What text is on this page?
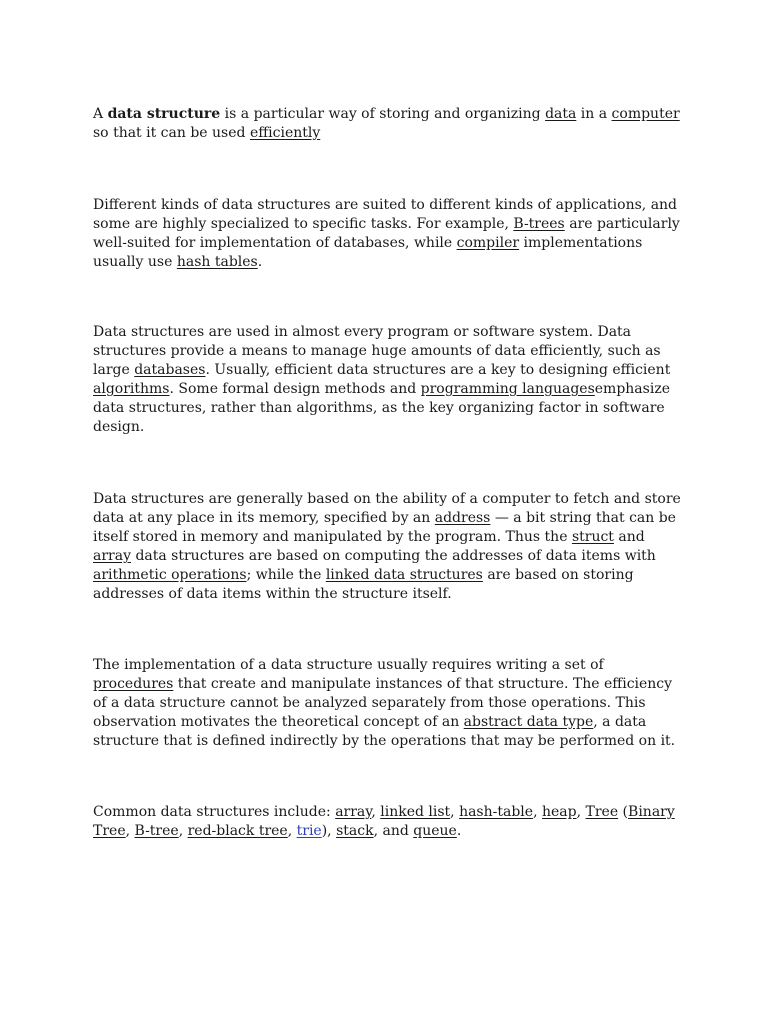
A data structure is a particular way of storing and organizing data in a computer so that it can be used efficiently

Different kinds of data structures are suited to different kinds of applications, and some are highly specialized to specific tasks. For example, B-trees are particularly well-suited for implementation of databases, while compiler implementations usually use hash tables.

Data structures are used in almost every program or software system. Data structures provide a means to manage huge amounts of data efficiently, such as large databases. Usually, efficient data structures are a key to designing efficient algorithms. Some formal design methods and programming languagesemphasize data structures, rather than algorithms, as the key organizing factor in software design.

Data structures are generally based on the ability of a computer to fetch and store data at any place in its memory, specified by an address — a bit string that can be itself stored in memory and manipulated by the program. Thus the struct and array data structures are based on computing the addresses of data items with arithmetic operations; while the linked data structures are based on storing addresses of data items within the structure itself.

The implementation of a data structure usually requires writing a set of procedures that create and manipulate instances of that structure. The efficiency of a data structure cannot be analyzed separately from those operations. This observation motivates the theoretical concept of an abstract data type, a data structure that is defined indirectly by the operations that may be performed on it.

Common data structures include: array, linked list, hash-table, heap, Tree (Binary Tree, B-tree, red-black tree, trie), stack, and queue.
